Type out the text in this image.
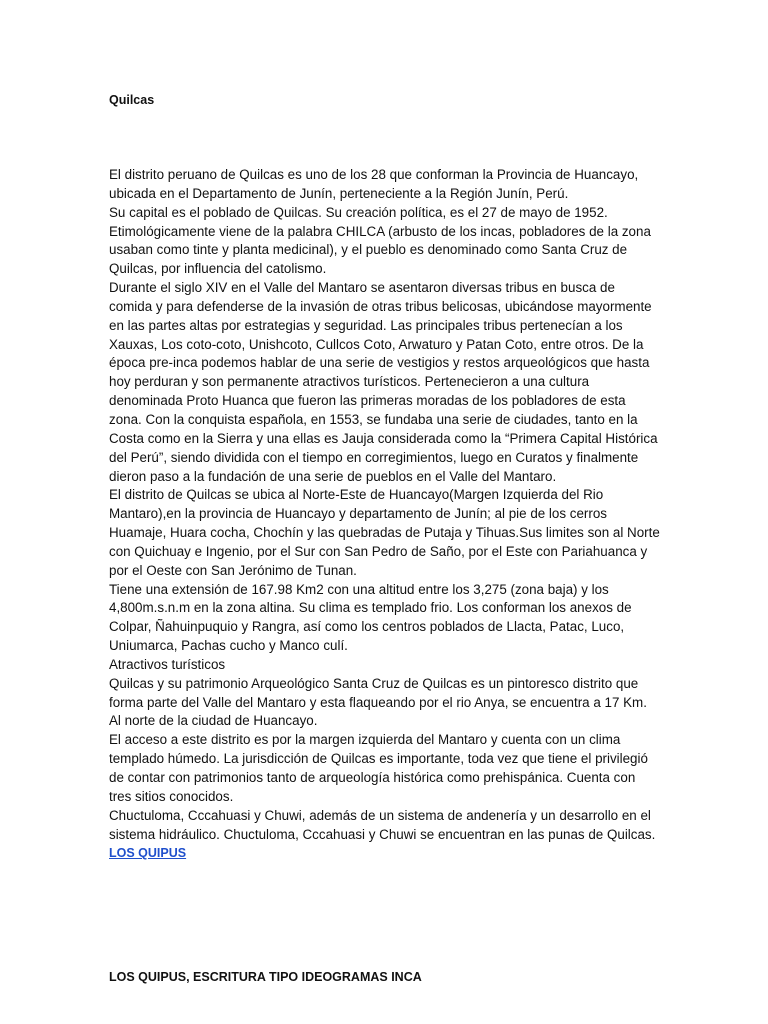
Quilcas

El distrito peruano de Quilcas es uno de los 28 que conforman la Provincia de Huancayo, ubicada en el Departamento de Junín, perteneciente a la Región Junín, Perú.

Su capital es el poblado de Quilcas. Su creación política, es el 27 de mayo de 1952. Etimológicamente viene de la palabra CHILCA (arbusto de los incas, pobladores de la zona usaban como tinte y planta medicinal), y el pueblo es denominado como Santa Cruz de Quilcas, por influencia del catolismo.

Durante el siglo XIV en el Valle del Mantaro se asentaron diversas tribus en busca de comida y para defenderse de la invasión de otras tribus belicosas, ubicándose mayormente en las partes altas por estrategias y seguridad. Las principales tribus pertenecían a los Xauxas, Los coto-coto, Unishcoto, Cullcos Coto, Arwaturo y Patan Coto, entre otros. De la época pre-inca podemos hablar de una serie de vestigios y restos arqueológicos que hasta hoy perduran y son permanente atractivos turísticos. Pertenecieron a una cultura denominada Proto Huanca que fueron las primeras moradas de los pobladores de esta zona. Con la conquista española, en 1553, se fundaba una serie de ciudades, tanto en la Costa como en la Sierra y una ellas es Jauja considerada como la “Primera Capital Histórica del Perú”, siendo dividida con el tiempo en corregimientos, luego en Curatos y finalmente dieron paso a la fundación de una serie de pueblos en el Valle del Mantaro.

El distrito de Quilcas se ubica al Norte-Este de Huancayo(Margen Izquierda del Rio Mantaro),en la provincia de Huancayo y departamento de Junín; al pie de los cerros Huamaje, Huara cocha, Chochín y las quebradas de Putaja y Tihuas.Sus limites son al Norte con Quichuay e Ingenio, por el Sur con San Pedro de Saño, por el Este con Pariahuanca y por el Oeste con San Jerónimo de Tunan.

Tiene una extensión de 167.98 Km2 con una altitud entre los 3,275 (zona baja) y los 4,800m.s.n.m en la zona altina. Su clima es templado frio. Los conforman los anexos de Colpar, Ñahuinpuquio y Rangra, así como los centros poblados de Llacta, Patac, Luco, Uniumarca, Pachas cucho y Manco culí.

Atractivos turísticos

Quilcas y su patrimonio Arqueológico Santa Cruz de Quilcas es un pintoresco distrito que forma parte del Valle del Mantaro y esta flaqueando por el rio Anya, se encuentra a 17 Km. Al norte de la ciudad de Huancayo.

El acceso a este distrito es por la margen izquierda del Mantaro y cuenta con un clima templado húmedo. La jurisdicción de Quilcas es importante, toda vez que tiene el privilegió de contar con patrimonios tanto de arqueología histórica como prehispánica. Cuenta con tres sitios conocidos.

Chuctuloma, Cccahuasi y Chuwi, además de un sistema de andenería y un desarrollo en el sistema hidráulico. Chuctuloma, Cccahuasi y Chuwi se encuentran en las punas de Quilcas.

LOS QUIPUS

LOS QUIPUS, ESCRITURA TIPO IDEOGRAMAS INCA
